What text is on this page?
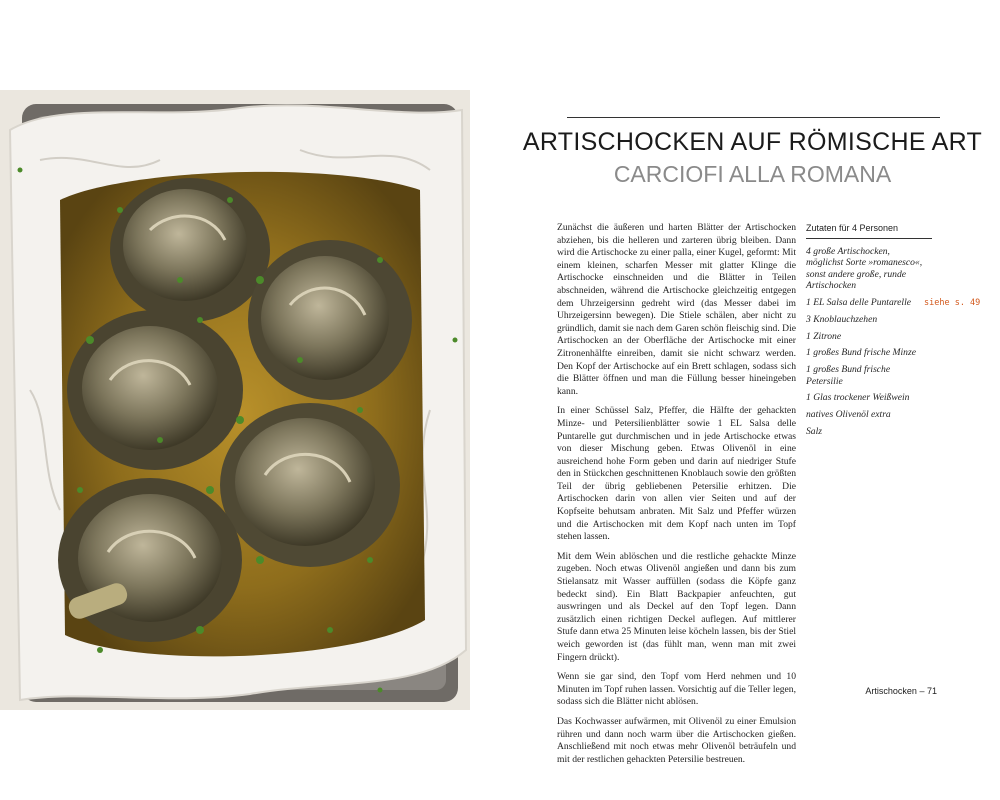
ARTISCHOCKEN AUF RÖMISCHE ART
CARCIOFI ALLA ROMANA

Zunächst die äußeren und harten Blätter der Artischocken abziehen, bis die helleren und zarteren übrig bleiben. Dann wird die Artischocke zu einer palla, einer Kugel, geformt: Mit einem kleinen, scharfen Messer mit glatter Klinge die Artischocke einschneiden und die Blätter in Teilen abschneiden, während die Artischocke gleichzeitig entgegen dem Uhrzeigersinn gedreht wird (das Messer dabei im Uhrzeigersinn bewegen). Die Stiele schälen, aber nicht zu gründlich, damit sie nach dem Garen schön fleischig sind. Die Artischocken an der Oberfläche der Artischocke mit einer Zitronenhälfte einreiben, damit sie nicht schwarz werden. Den Kopf der Artischocke auf ein Brett schlagen, sodass sich die Blätter öffnen und man die Füllung besser hineingeben kann.

In einer Schüssel Salz, Pfeffer, die Hälfte der gehackten Minze- und Petersilienblätter sowie 1 EL Salsa delle Puntarelle gut durchmischen und in jede Artischocke etwas von dieser Mischung geben. Etwas Olivenöl in eine ausreichend hohe Form geben und darin auf niedriger Stufe den in Stückchen geschnittenen Knoblauch sowie den größten Teil der übrig gebliebenen Petersilie erhitzen. Die Artischocken darin von allen vier Seiten und auf der Kopfseite behutsam anbraten. Mit Salz und Pfeffer würzen und die Artischocken mit dem Kopf nach unten im Topf stehen lassen.

Mit dem Wein ablöschen und die restliche gehackte Minze zugeben. Noch etwas Olivenöl angießen und dann bis zum Stielansatz mit Wasser auffüllen (sodass die Köpfe ganz bedeckt sind). Ein Blatt Backpapier anfeuchten, gut auswringen und als Deckel auf den Topf legen. Dann zusätzlich einen richtigen Deckel auflegen. Auf mittlerer Stufe dann etwa 25 Minuten leise köcheln lassen, bis der Stiel weich geworden ist (das fühlt man, wenn man mit zwei Fingern drückt).

Wenn sie gar sind, den Topf vom Herd nehmen und 10 Minuten im Topf ruhen lassen. Vorsichtig auf die Teller legen, sodass sich die Blätter nicht ablösen.

Das Kochwasser aufwärmen, mit Olivenöl zu einer Emulsion rühren und dann noch warm über die Artischocken gießen. Anschließend mit noch etwas mehr Olivenöl beträufeln und mit der restlichen gehackten Petersilie bestreuen.

Zutaten für 4 Personen
4 große Artischocken, möglichst Sorte »romanesco«, sonst andere große, runde Artischocken
1 EL Salsa delle Puntarelle
3 Knoblauchzehen
1 Zitrone
1 großes Bund frische Minze
1 großes Bund frische Petersilie
1 Glas trockener Weißwein
natives Olivenöl extra
Salz
siehe s. 49
Artischocken – 71
